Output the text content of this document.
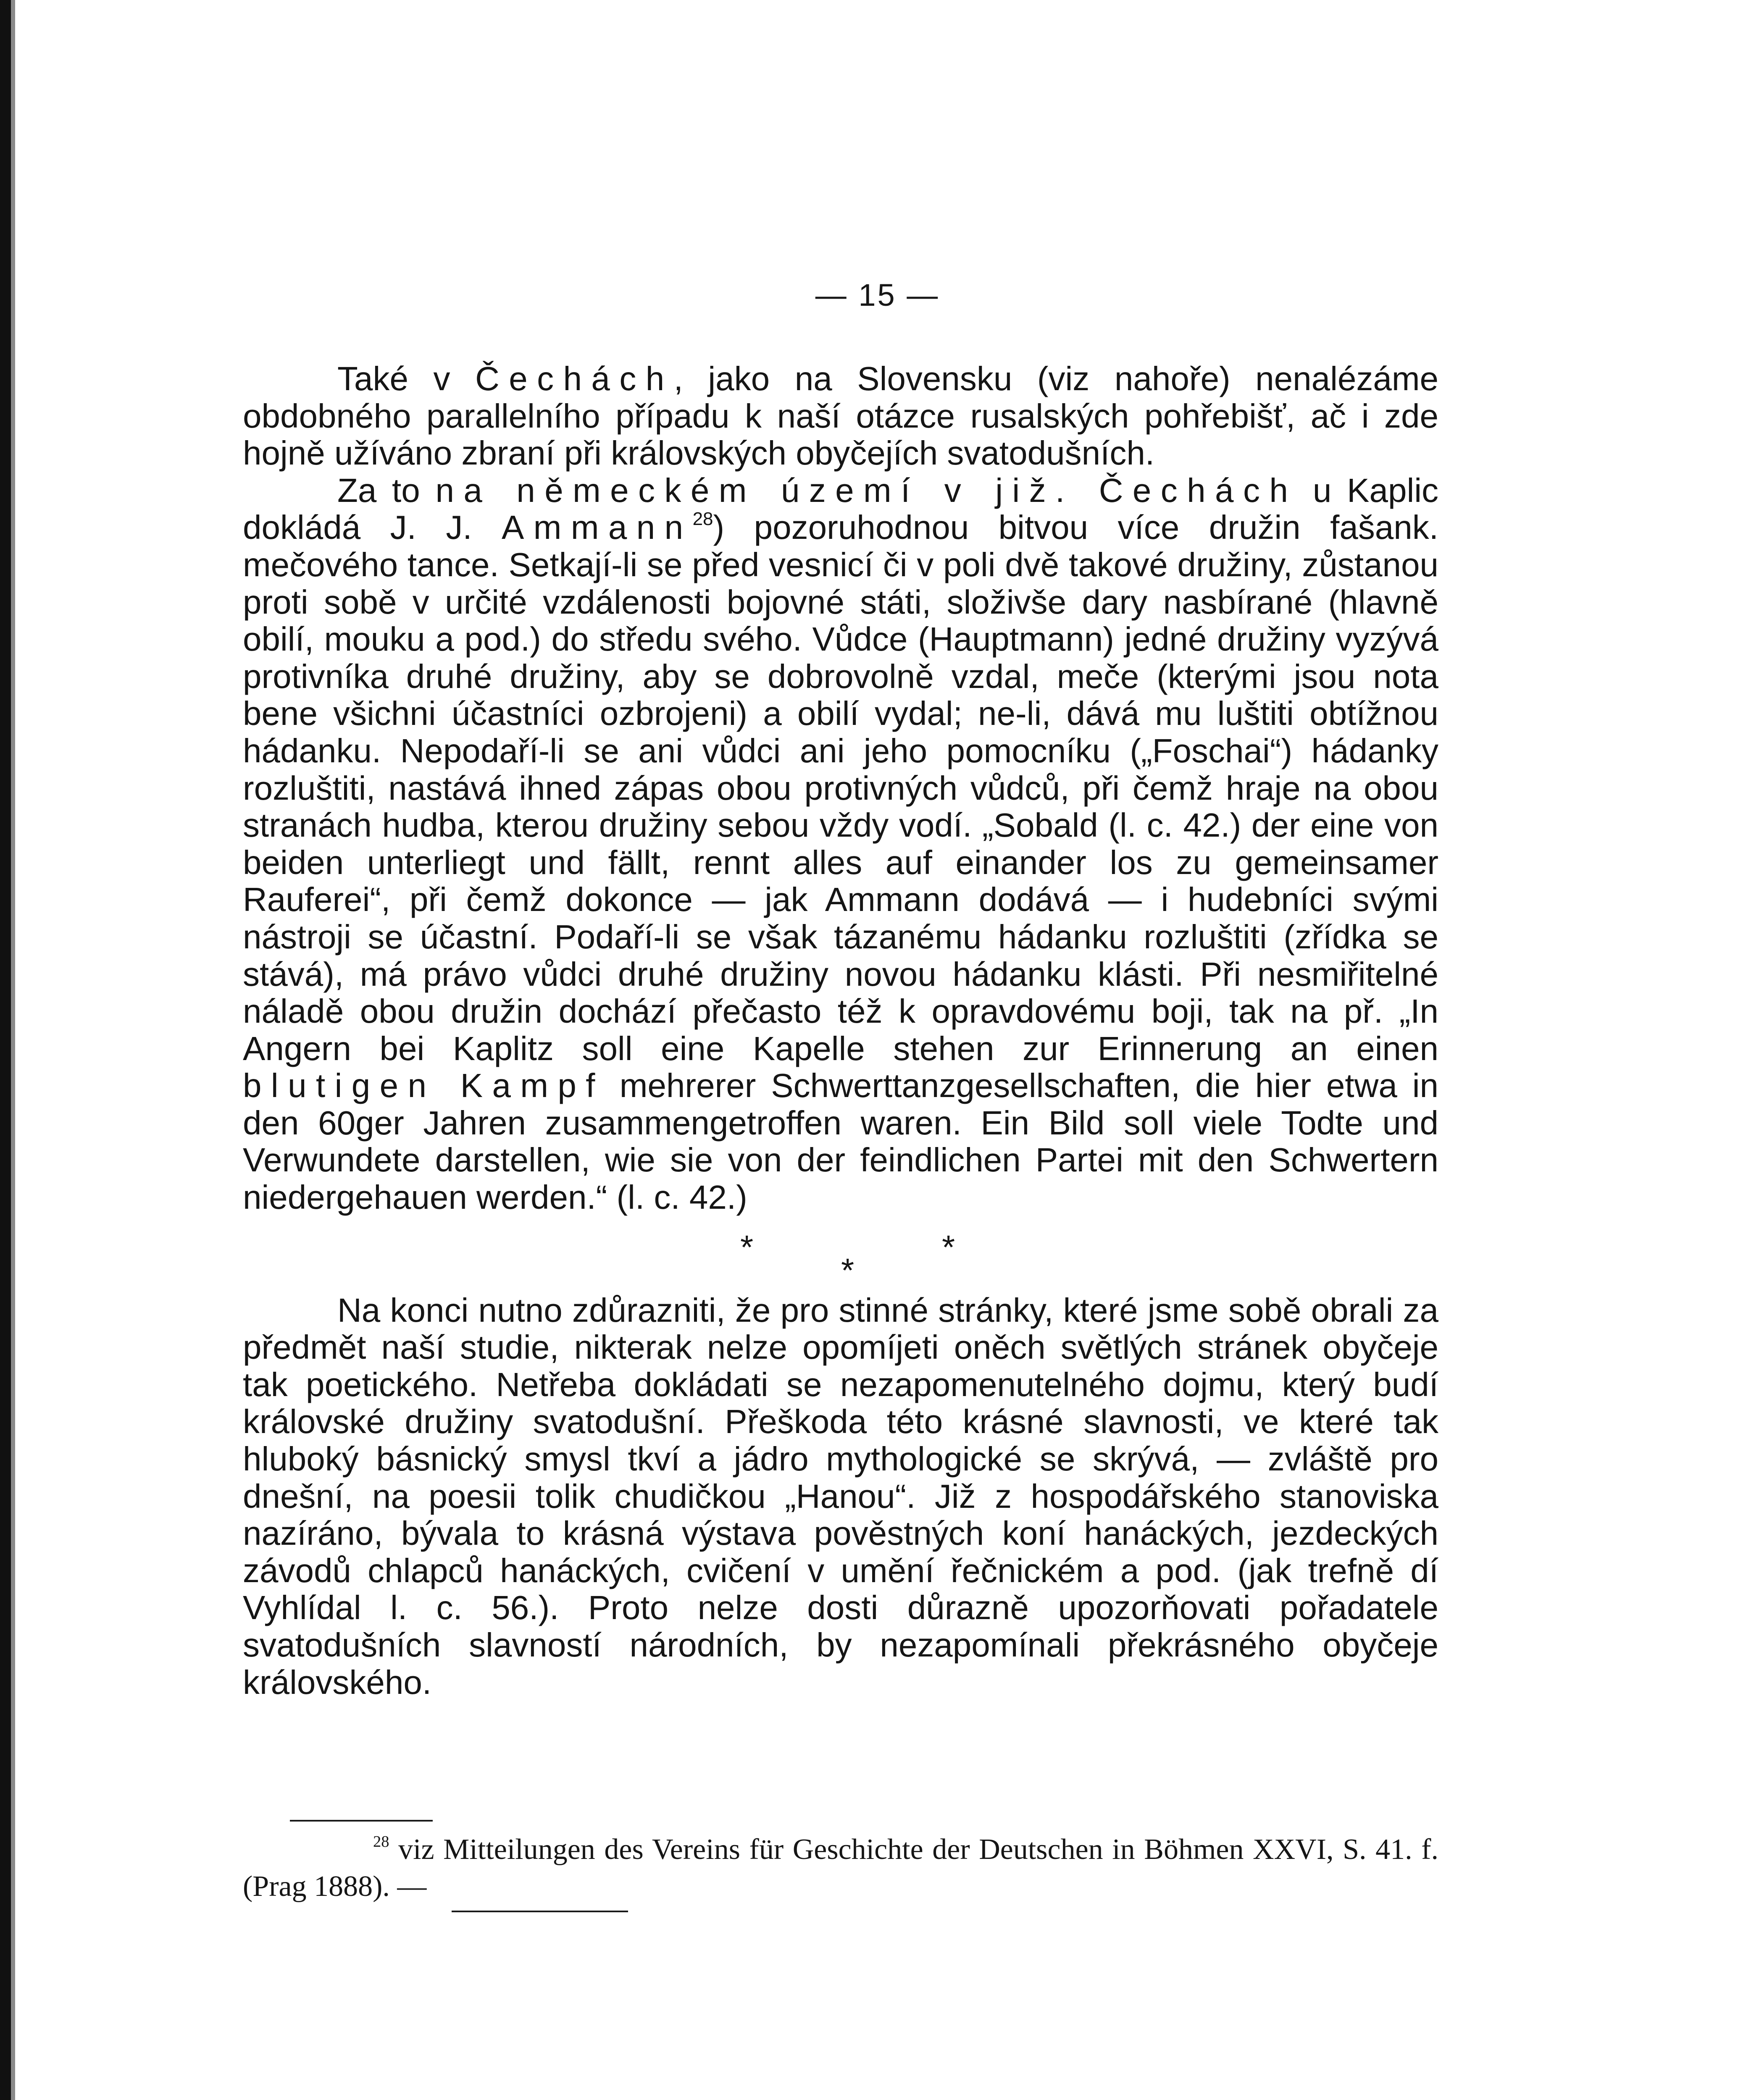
— 15 —

Také v Čechách, jako na Slovensku (viz nahoře) nenalézáme obdobného parallelního případu k naší otázce rusalských pohřebišť, ač i zde hojně užíváno zbraní při královských obyčejích svatodušních.

Za to na německém území v již. Čechách u Kaplic dokládá J. J. Ammann$^{28}$) pozoruhodnou bitvou více družin fašank. mečového tance. Setkají-li se před vesnicí či v poli dvě takové družiny, zůstanou proti sobě v určité vzdálenosti bojovné státi, složivše dary nasbírané (hlavně obilí, mouku a pod.) do středu svého. Vůdce (Hauptmann) jedné družiny vyzývá protivníka druhé družiny, aby se dobrovolně vzdal, meče (kterými jsou nota bene všichni účastníci ozbrojeni) a obilí vydal; ne-li, dává mu luštiti obtížnou hádanku. Nepodaří-li se ani vůdci ani jeho pomocníku („Foschai“) hádanky rozluštiti, nastává ihned zápas obou protivných vůdců, při čemž hraje na obou stranách hudba, kterou družiny sebou vždy vodí. „Sobald (l. c. 42.) der eine von beiden unterliegt und fällt, rennt alles auf einander los zu gemeinsamer Rauferei“, při čemž dokonce — jak Ammann dodává — i hudebníci svými nástroji se účastní. Podaří-li se však tázanému hádanku rozluštiti (zřídka se stává), má právo vůdci druhé družiny novou hádanku klásti. Při nesmiřitelné náladě obou družin dochází přečasto též k opravdovému boji, tak na př. „In Angern bei Kaplitz soll eine Kapelle stehen zur Erinnerung an einen blutigen Kampf mehrerer Schwerttanzgesellschaften, die hier etwa in den 60ger Jahren zusammengetroffen waren. Ein Bild soll viele Todte und Verwundete darstellen, wie sie von der feindlichen Partei mit den Schwertern niedergehauen werden.“ (l. c. 42.)

*	*
*

Na konci nutno zdůrazniti, že pro stinné stránky, které jsme sobě obrali za předmět naší studie, nikterak nelze opomíjeti oněch světlých stránek obyčeje tak poetického. Netřeba dokládati se nezapomenutelného dojmu, který budí královské družiny svatodušní. Přeškoda této krásné slavnosti, ve které tak hluboký básnický smysl tkví a jádro mythologické se skrývá, — zvláště pro dnešní, na poesii tolik chudičkou „Hanou“. Již z hospodářského stanoviska nazíráno, bývala to krásná výstava pověstných koní hanáckých, jezdeckých závodů chlapců hanáckých, cvičení v umění řečnickém a pod. (jak trefně dí Vyhlídal l. c. 56.). Proto nelze dosti důrazně upozorňovati pořadatele svatodušních slavností národních, by nezapomínali překrásného obyčeje královského.

$^{28}$ viz Mitteilungen des Vereins für Geschichte der Deutschen in Böhmen XXVI, S. 41. f. (Prag 1888). —
